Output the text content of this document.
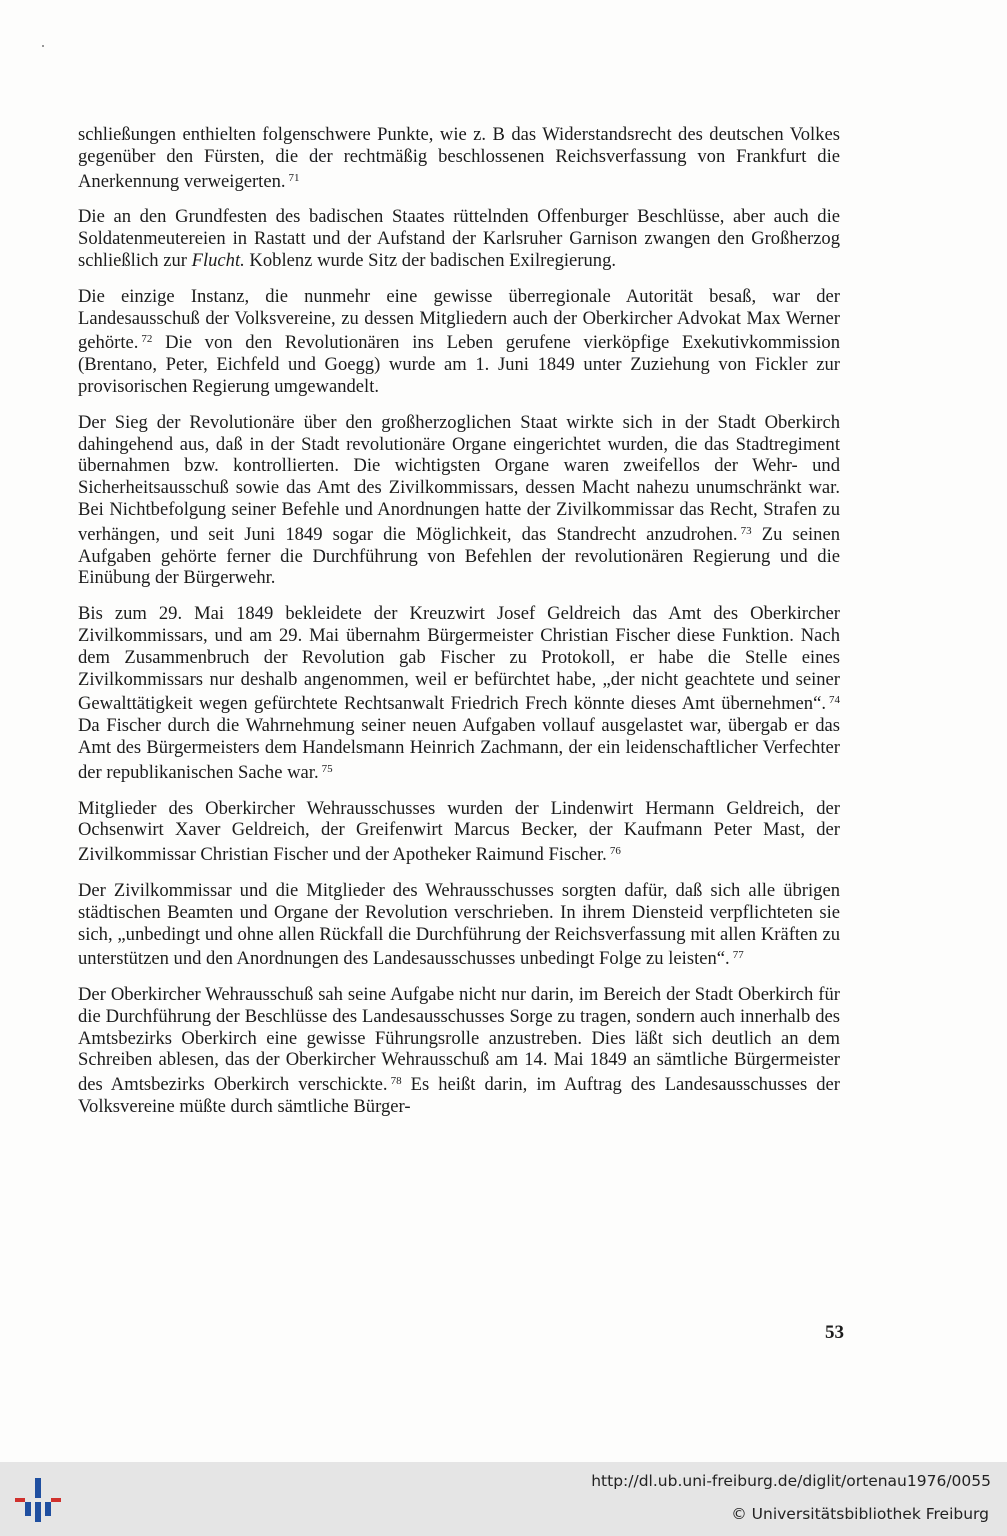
schließungen enthielten folgenschwere Punkte, wie z. B das Widerstandsrecht des deutschen Volkes gegenüber den Fürsten, die der rechtmäßig beschlossenen Reichsverfassung von Frankfurt die Anerkennung verweigerten. $^{71}$

Die an den Grundfesten des badischen Staates rüttelnden Offenburger Beschlüsse, aber auch die Soldatenmeutereien in Rastatt und der Aufstand der Karlsruher Garnison zwangen den Großherzog schließlich zur Flucht. Koblenz wurde Sitz der badischen Exilregierung.

Die einzige Instanz, die nunmehr eine gewisse überregionale Autorität besaß, war der Landesausschuß der Volksvereine, zu dessen Mitgliedern auch der Oberkircher Advokat Max Werner gehörte. $^{72}$ Die von den Revolutionären ins Leben gerufene vierköpfige Exekutivkommission (Brentano, Peter, Eichfeld und Goegg) wurde am 1. Juni 1849 unter Zuziehung von Fickler zur provisorischen Regierung umgewandelt.

Der Sieg der Revolutionäre über den großherzoglichen Staat wirkte sich in der Stadt Oberkirch dahingehend aus, daß in der Stadt revolutionäre Organe eingerichtet wurden, die das Stadtregiment übernahmen bzw. kontrollierten. Die wichtigsten Organe waren zweifellos der Wehr- und Sicherheitsausschuß sowie das Amt des Zivilkommissars, dessen Macht nahezu unumschränkt war. Bei Nichtbefolgung seiner Befehle und Anordnungen hatte der Zivilkommissar das Recht, Strafen zu verhängen, und seit Juni 1849 sogar die Möglichkeit, das Standrecht anzudrohen. $^{73}$ Zu seinen Aufgaben gehörte ferner die Durchführung von Befehlen der revolutionären Regierung und die Einübung der Bürgerwehr.

Bis zum 29. Mai 1849 bekleidete der Kreuzwirt Josef Geldreich das Amt des Oberkircher Zivilkommissars, und am 29. Mai übernahm Bürgermeister Christian Fischer diese Funktion. Nach dem Zusammenbruch der Revolution gab Fischer zu Protokoll, er habe die Stelle eines Zivilkommissars nur deshalb angenommen, weil er befürchtet habe, „der nicht geachtete und seiner Gewalttätigkeit wegen gefürchtete Rechtsanwalt Friedrich Frech könnte dieses Amt übernehmen“. $^{74}$ Da Fischer durch die Wahrnehmung seiner neuen Aufgaben vollauf ausgelastet war, übergab er das Amt des Bürgermeisters dem Handelsmann Heinrich Zachmann, der ein leidenschaftlicher Verfechter der republikanischen Sache war. $^{75}$

Mitglieder des Oberkircher Wehrausschusses wurden der Lindenwirt Hermann Geldreich, der Ochsenwirt Xaver Geldreich, der Greifenwirt Marcus Becker, der Kaufmann Peter Mast, der Zivilkommissar Christian Fischer und der Apotheker Raimund Fischer. $^{76}$

Der Zivilkommissar und die Mitglieder des Wehrausschusses sorgten dafür, daß sich alle übrigen städtischen Beamten und Organe der Revolution verschrieben. In ihrem Diensteid verpflichteten sie sich, „unbedingt und ohne allen Rückfall die Durchführung der Reichsverfassung mit allen Kräften zu unterstützen und den Anordnungen des Landesausschusses unbedingt Folge zu leisten“. $^{77}$

Der Oberkircher Wehrausschuß sah seine Aufgabe nicht nur darin, im Bereich der Stadt Oberkirch für die Durchführung der Beschlüsse des Landesausschusses Sorge zu tragen, sondern auch innerhalb des Amtsbezirks Oberkirch eine gewisse Führungsrolle anzustreben. Dies läßt sich deutlich an dem Schreiben ablesen, das der Oberkircher Wehrausschuß am 14. Mai 1849 an sämtliche Bürgermeister des Amtsbezirks Oberkirch verschickte. $^{78}$ Es heißt darin, im Auftrag des Landesausschusses der Volksvereine müßte durch sämtliche Bürger-

53
http://dl.ub.uni-freiburg.de/diglit/ortenau1976/0055
© Universitätsbibliothek Freiburg
